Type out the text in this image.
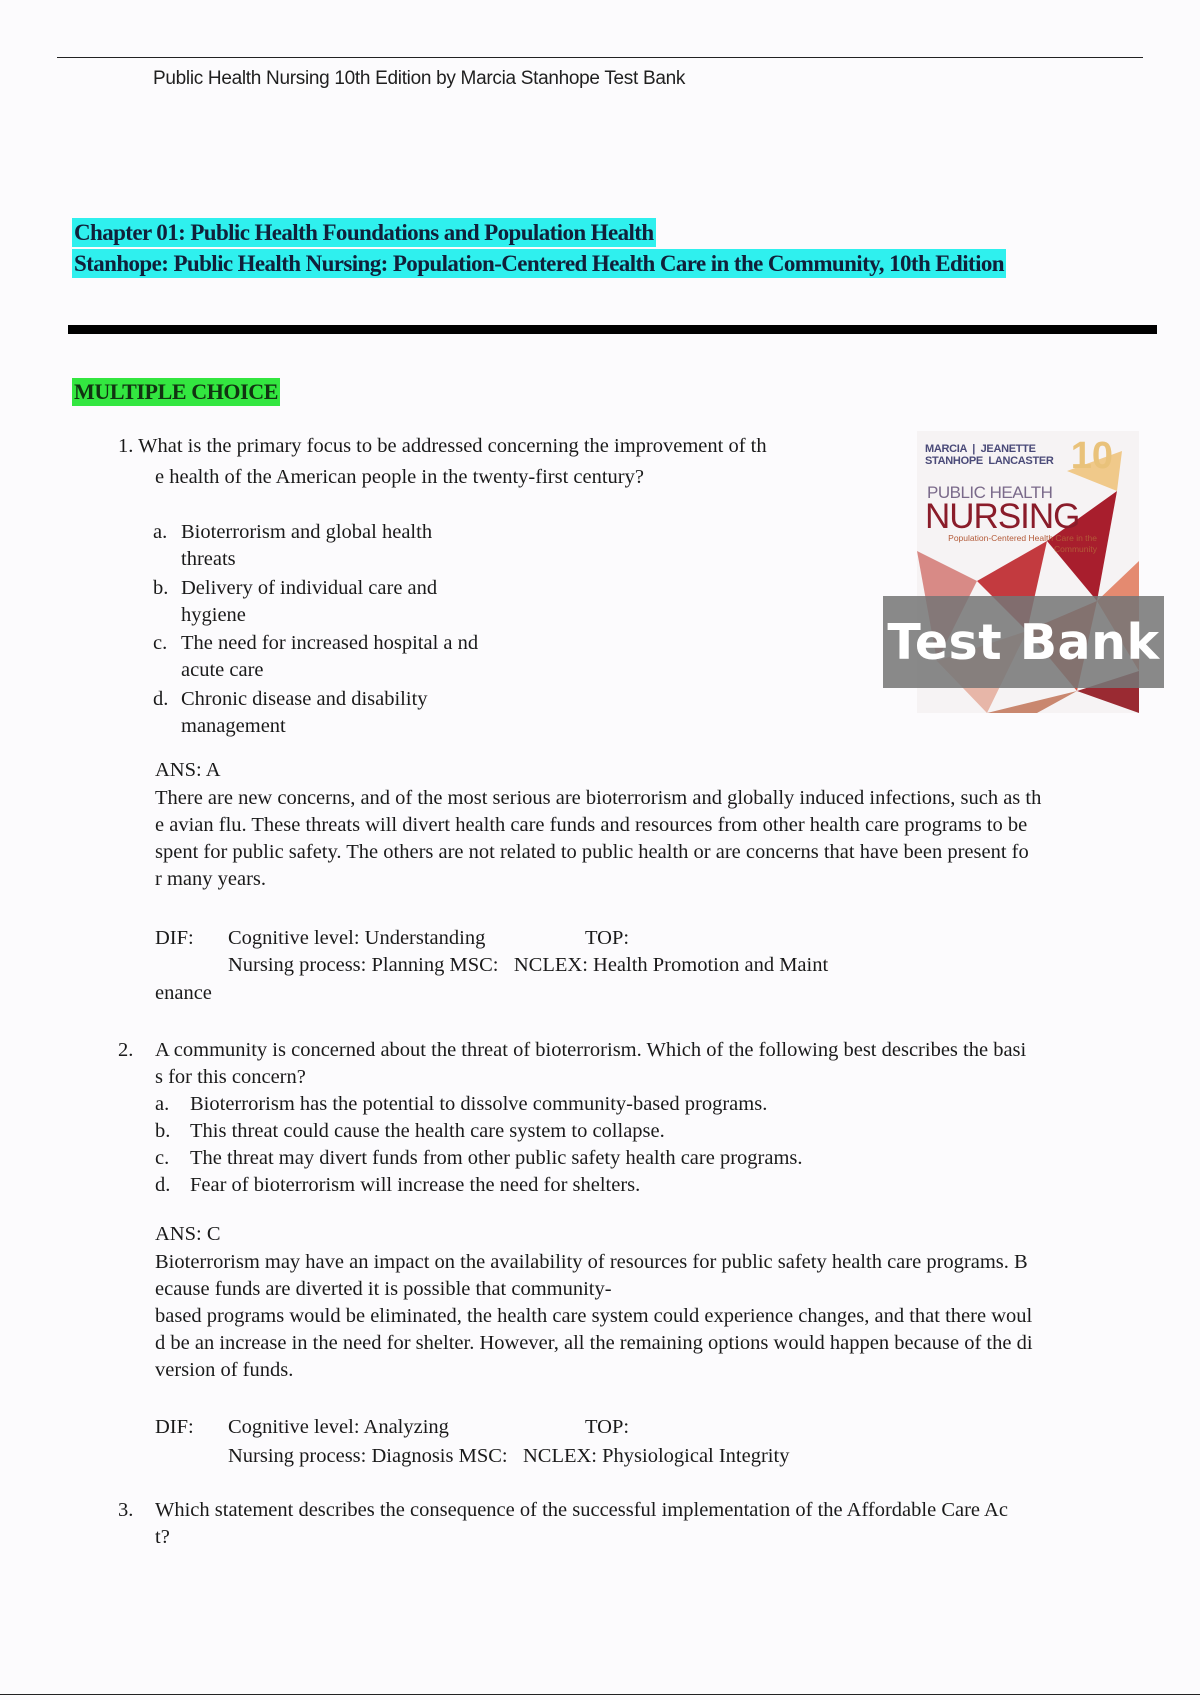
Public Health Nursing 10th Edition by Marcia Stanhope Test Bank
Chapter 01: Public Health Foundations and Population Health
Stanhope: Public Health Nursing: Population-Centered Health Care in the Community, 10th Edition
MULTIPLE CHOICE
1. What is the primary focus to be addressed concerning the improvement of th
e health of the American people in the twenty-first century?
a. Bioterrorism and global health threats
b. Delivery of individual care and hygiene
c. The need for increased hospital a nd acute care
d. Chronic disease and disability management
MARCIA  |  JEANETTE
STANHOPE  LANCASTER 10
PUBLIC HEALTH
NURSING
Population-Centered Health Care in the Community
Test Bank
ANS: A
There are new concerns, and of the most serious are bioterrorism and globally induced infections, such as th
e avian flu. These threats will divert health care funds and resources from other health care programs to be
spent for public safety. The others are not related to public health or are concerns that have been present fo
r many years.
DIF: Cognitive level: Understanding	TOP:
Nursing process: Planning MSC:   NCLEX: Health Promotion and Maint
enance
2. A community is concerned about the threat of bioterrorism. Which of the following best describes the basi
s for this concern?
a.	Bioterrorism has the potential to dissolve community-based programs.
b. This threat could cause the health care system to collapse.
c.	The threat may divert funds from other public safety health care programs.
d. Fear of bioterrorism will increase the need for shelters.
ANS: C
Bioterrorism may have an impact on the availability of resources for public safety health care programs. B
ecause funds are diverted it is possible that community-
based programs would be eliminated, the health care system could experience changes, and that there woul
d be an increase in the need for shelter. However, all the remaining options would happen because of the di
version of funds.
DIF: Cognitive level: Analyzing	TOP:
Nursing process: Diagnosis MSC:   NCLEX: Physiological Integrity
3. Which statement describes the consequence of the successful implementation of the Affordable Care Ac
t?
